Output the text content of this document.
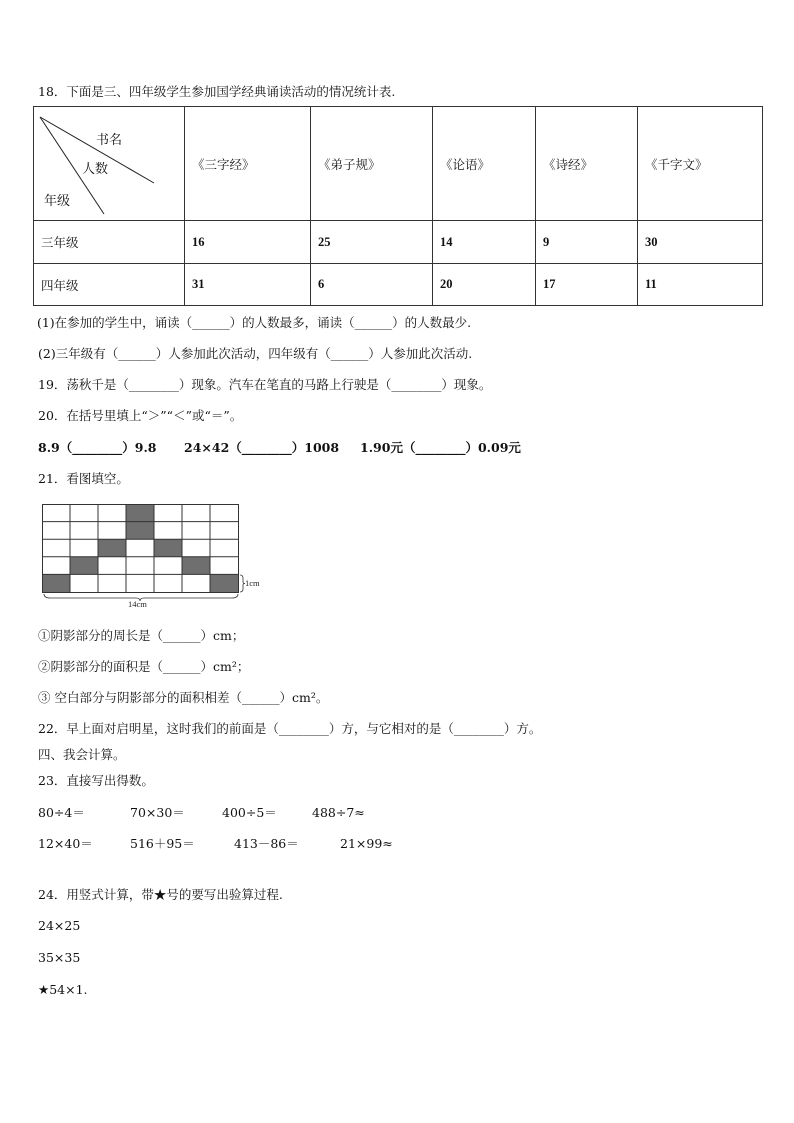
18．下面是三、四年级学生参加国学经典诵读活动的情况统计表.
书名
人数
年级	《三字经》	《弟子规》	《论语》	《诗经》	《千字文》
三年级	16	25	14	9	30
四年级	31	6	20	17	11
(1)在参加的学生中，诵读（______）的人数最多，诵读（______）的人数最少.
(2)三年级有（______）人参加此次活动，四年级有（______）人参加此次活动.
19．荡秋千是（________）现象。汽车在笔直的马路上行驶是（________）现象。
20．在括号里填上“＞”“＜”或“＝”。
8.9（________）9.8 24×42（________）1008 1.90元（________）0.09元
21．看图填空。
14cm
1cm
①阴影部分的周长是（______）cm；
②阴影部分的面积是（______）cm²；
③ 空白部分与阴影部分的面积相差（______）cm²。
22．早上面对启明星，这时我们的前面是（________）方，与它相对的是（________）方。
四、我会计算。
23．直接写出得数。
80÷4＝	70×30＝	400÷5＝	488÷7≈
12×40＝	516＋95＝	413－86＝	21×99≈
24．用竖式计算，带★号的要写出验算过程.
24×25
35×35
★54×1.
